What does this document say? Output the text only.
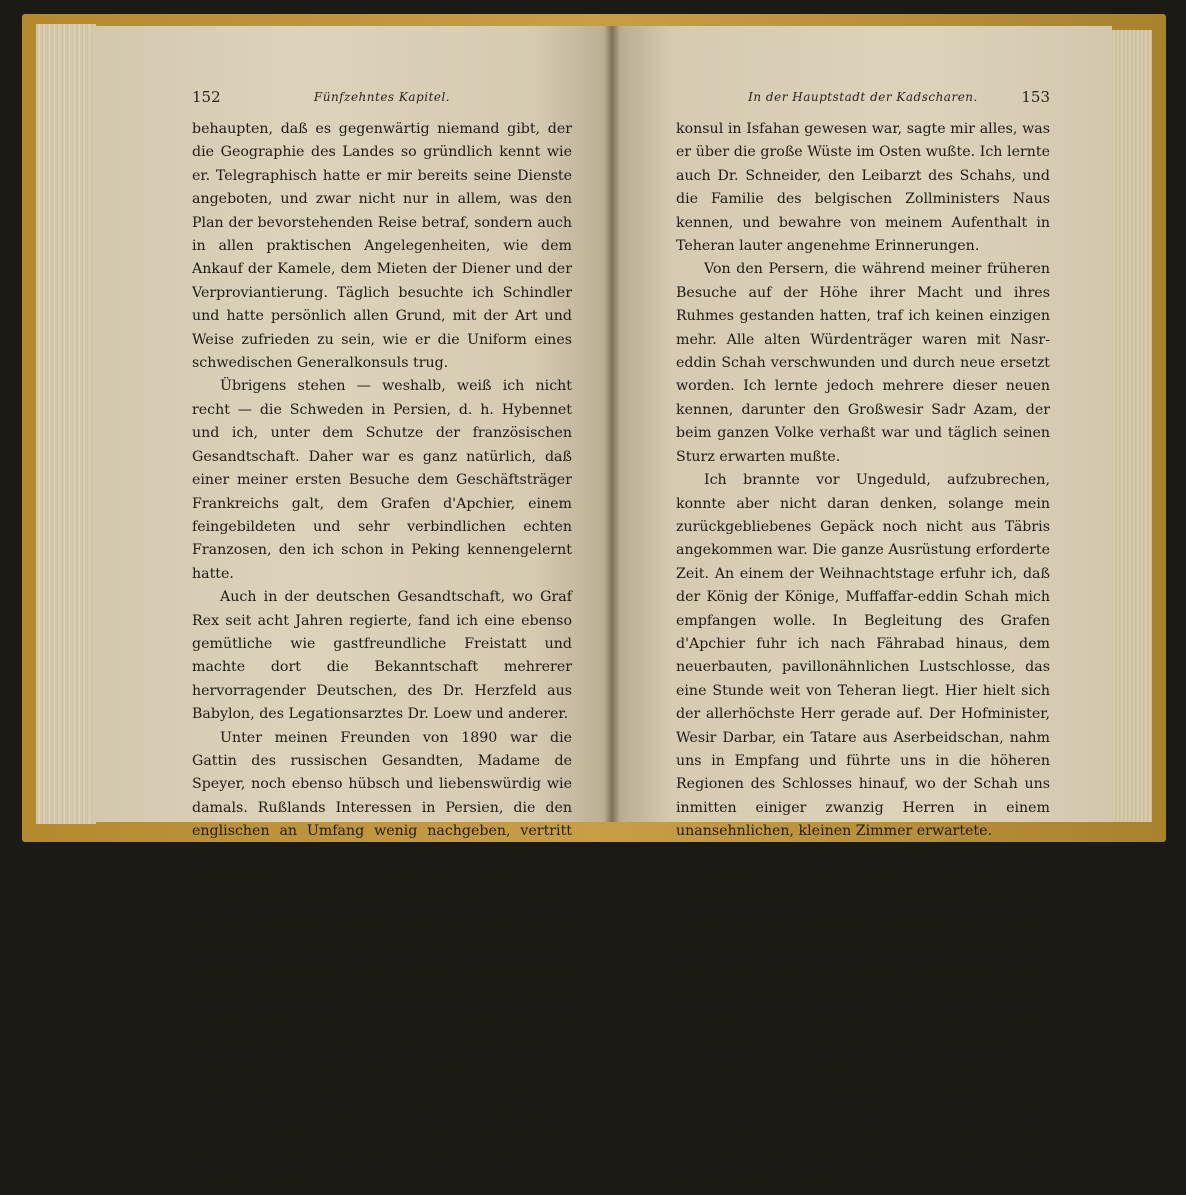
152	Fünfzehntes Kapitel.

behaupten, daß es gegenwärtig niemand gibt, der die Geographie des Landes so gründlich kennt wie er. Telegraphisch hatte er mir bereits seine Dienste angeboten, und zwar nicht nur in allem, was den Plan der bevorstehenden Reise betraf, sondern auch in allen praktischen Angelegenheiten, wie dem Ankauf der Kamele, dem Mieten der Diener und der Verproviantierung. Täglich besuchte ich Schindler und hatte persönlich allen Grund, mit der Art und Weise zufrieden zu sein, wie er die Uniform eines schwedischen Generalkonsuls trug.

Übrigens stehen — weshalb, weiß ich nicht recht — die Schweden in Persien, d. h. Hybennet und ich, unter dem Schutze der französischen Gesandtschaft. Daher war es ganz natürlich, daß einer meiner ersten Besuche dem Geschäftsträger Frankreichs galt, dem Grafen d'Apchier, einem feingebildeten und sehr verbindlichen echten Franzosen, den ich schon in Peking kennengelernt hatte.

Auch in der deutschen Gesandtschaft, wo Graf Rex seit acht Jahren regierte, fand ich eine ebenso gemütliche wie gastfreundliche Freistatt und machte dort die Bekanntschaft mehrerer hervorragender Deutschen, des Dr. Herzfeld aus Babylon, des Legationsarztes Dr. Loew und anderer.

Unter meinen Freunden von 1890 war die Gattin des russischen Gesandten, Madame de Speyer, noch ebenso hübsch und liebenswürdig wie damals. Rußlands Interessen in Persien, die den englischen an Umfang wenig nachgeben, vertritt jetzt Herr Somow, den ich drei Jahre später im äußersten Osten, in Söul, wiedersehen sollte.

Ich wehrte mich zwar anfangs, aber ich mußte es mir schließlich gefallen lassen, daß man mich in den Salons zu einer Art Löwe ohne Sonne machte, und ich wurde sehr gegen meinen Willen in einen Strudel großartiger Festlichkeiten und Diners hineingezogen, die sich vor ihresgleichen in Piccadilly oder in der Avenue de Jena nicht zu schämen brauchten. Oberst Douglas, der britische Militärattaché, war in Indien und Persien viel umhergereist und gab mir wertvolle Aufklärungen, gute Ratschläge und eine große Karte der östlichen Teile des Landes. Mr. Preece, der 38 Jahre lang englischer General-

In der Hauptstadt der Kadscharen.	153

konsul in Isfahan gewesen war, sagte mir alles, was er über die große Wüste im Osten wußte. Ich lernte auch Dr. Schneider, den Leibarzt des Schahs, und die Familie des belgischen Zollministers Naus kennen, und bewahre von meinem Aufenthalt in Teheran lauter angenehme Erinnerungen.

Von den Persern, die während meiner früheren Besuche auf der Höhe ihrer Macht und ihres Ruhmes gestanden hatten, traf ich keinen einzigen mehr. Alle alten Würdenträger waren mit Nasr-eddin Schah verschwunden und durch neue ersetzt worden. Ich lernte jedoch mehrere dieser neuen kennen, darunter den Großwesir Sadr Azam, der beim ganzen Volke verhaßt war und täglich seinen Sturz erwarten mußte.

Ich brannte vor Ungeduld, aufzubrechen, konnte aber nicht daran denken, solange mein zurückgebliebenes Gepäck noch nicht aus Täbris angekommen war. Die ganze Ausrüstung erforderte Zeit. An einem der Weihnachtstage erfuhr ich, daß der König der Könige, Muffaffar-eddin Schah mich empfangen wolle. In Begleitung des Grafen d'Apchier fuhr ich nach Fährabad hinaus, dem neuerbauten, pavillonähnlichen Lustschlosse, das eine Stunde weit von Teheran liegt. Hier hielt sich der allerhöchste Herr gerade auf. Der Hofminister, Wesir Darbar, ein Tatare aus Aserbeidschan, nahm uns in Empfang und führte uns in die höheren Regionen des Schlosses hinauf, wo der Schah uns inmitten einiger zwanzig Herren in einem unansehnlichen, kleinen Zimmer erwartete.

Da stand dieser unglückliche, bleiche und abgezehrte, vorzeitig gealterte Schatten eines Selbstherrschers in sehr einfachem schwarzem Anzug ohne das geringste Abzeichen seiner Würde und mit der gewöhnlichen schwarzen „Kullah“ auf dem Kopfe. Aber er lächelte verbindlich, reichte mir seine weiche, kraftlose Hand, redete mich auf Tatarisch an, erkundigte sich nach meinen Schicksalen auf der Reise von Trapezund nach Teheran und nach meinen weiteren Plänen und bat mich, ja nicht zu vergessen, ihm meine nächste Reisebeschreibung, in die er gern sein Bild aufgenommen sehen möchte, zu schicken. Der erste Teil seiner Bitte sollte nicht erfüllt werden können, denn er starb
